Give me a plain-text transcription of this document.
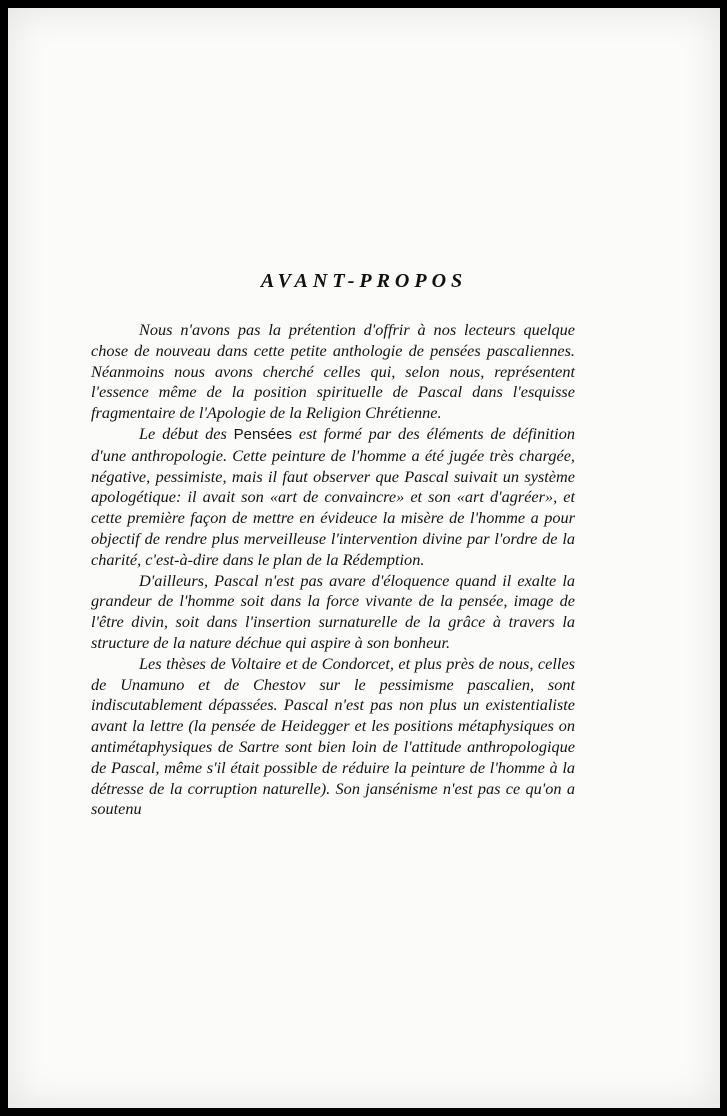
AVANT-PROPOS

Nous n'avons pas la prétention d'offrir à nos lecteurs quelque chose de nouveau dans cette petite anthologie de pensées pascaliennes. Néanmoins nous avons cherché celles qui, selon nous, représentent l'essence même de la position spirituelle de Pascal dans l'esquisse fragmentaire de l'Apologie de la Religion Chrétienne.

Le début des Pensées est formé par des éléments de définition d'une anthropologie. Cette peinture de l'homme a été jugée très chargée, négative, pessimiste, mais il faut observer que Pascal suivait un système apologétique: il avait son «art de convaincre» et son «art d'agréer», et cette première façon de mettre en évideuce la misère de l'homme a pour objectif de rendre plus merveilleuse l'intervention divine par l'ordre de la charité, c'est-à-dire dans le plan de la Rédemption.

D'ailleurs, Pascal n'est pas avare d'éloquence quand il exalte la grandeur de l'homme soit dans la force vivante de la pensée, image de l'être divin, soit dans l'insertion surnaturelle de la grâce à travers la structure de la nature déchue qui aspire à son bonheur.

Les thèses de Voltaire et de Condorcet, et plus près de nous, celles de Unamuno et de Chestov sur le pessimisme pascalien, sont indiscutablement dépassées. Pascal n'est pas non plus un existentialiste avant la lettre (la pensée de Heidegger et les positions métaphysiques on antimétaphysiques de Sartre sont bien loin de l'attitude anthropologique de Pascal, même s'il était possible de réduire la peinture de l'homme à la détresse de la corruption naturelle). Son jansénisme n'est pas ce qu'on a soutenu
